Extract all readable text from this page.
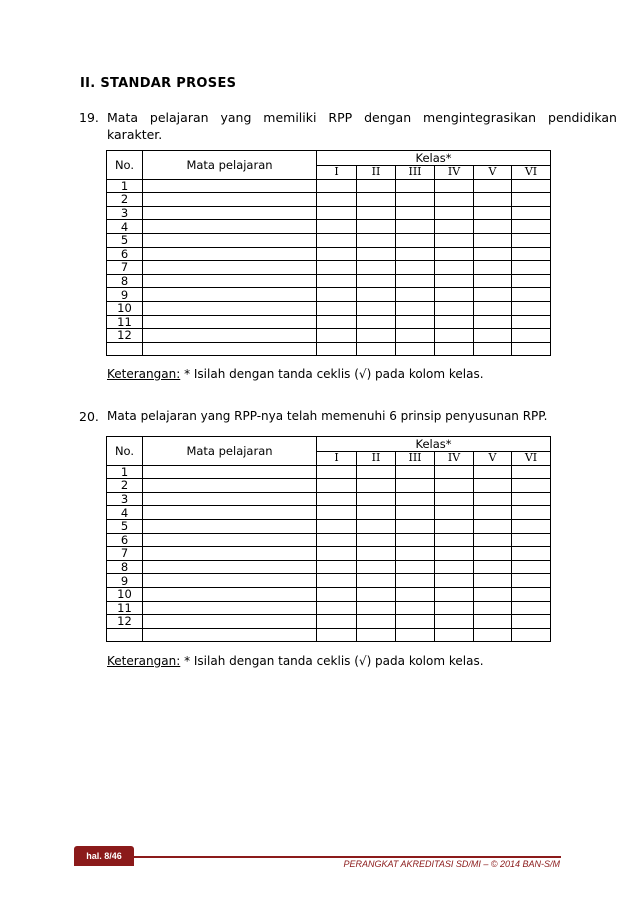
II. STANDAR PROSES
19. Mata   pelajaran   yang   memiliki   RPP   dengan   mengintegrasikan   pendidikan
karakter.
No.	Mata pelajaran	Kelas*					
		I	II	III	IV	V	VI
1							
2							
3							
4							
5							
6							
7							
8							
9							
10							
11							
12							

Keterangan: * Isilah dengan tanda ceklis (√) pada kolom kelas.
20. Mata pelajaran yang RPP-nya telah memenuhi 6 prinsip penyusunan RPP.
No.	Mata pelajaran	Kelas*					
		I	II	III	IV	V	VI
1							
2							
3							
4							
5							
6							
7							
8							
9							
10							
11							
12							

Keterangan: * Isilah dengan tanda ceklis (√) pada kolom kelas.
hal. 8/46
PERANGKAT AKREDITASI SD/MI – © 2014 BAN-S/M
